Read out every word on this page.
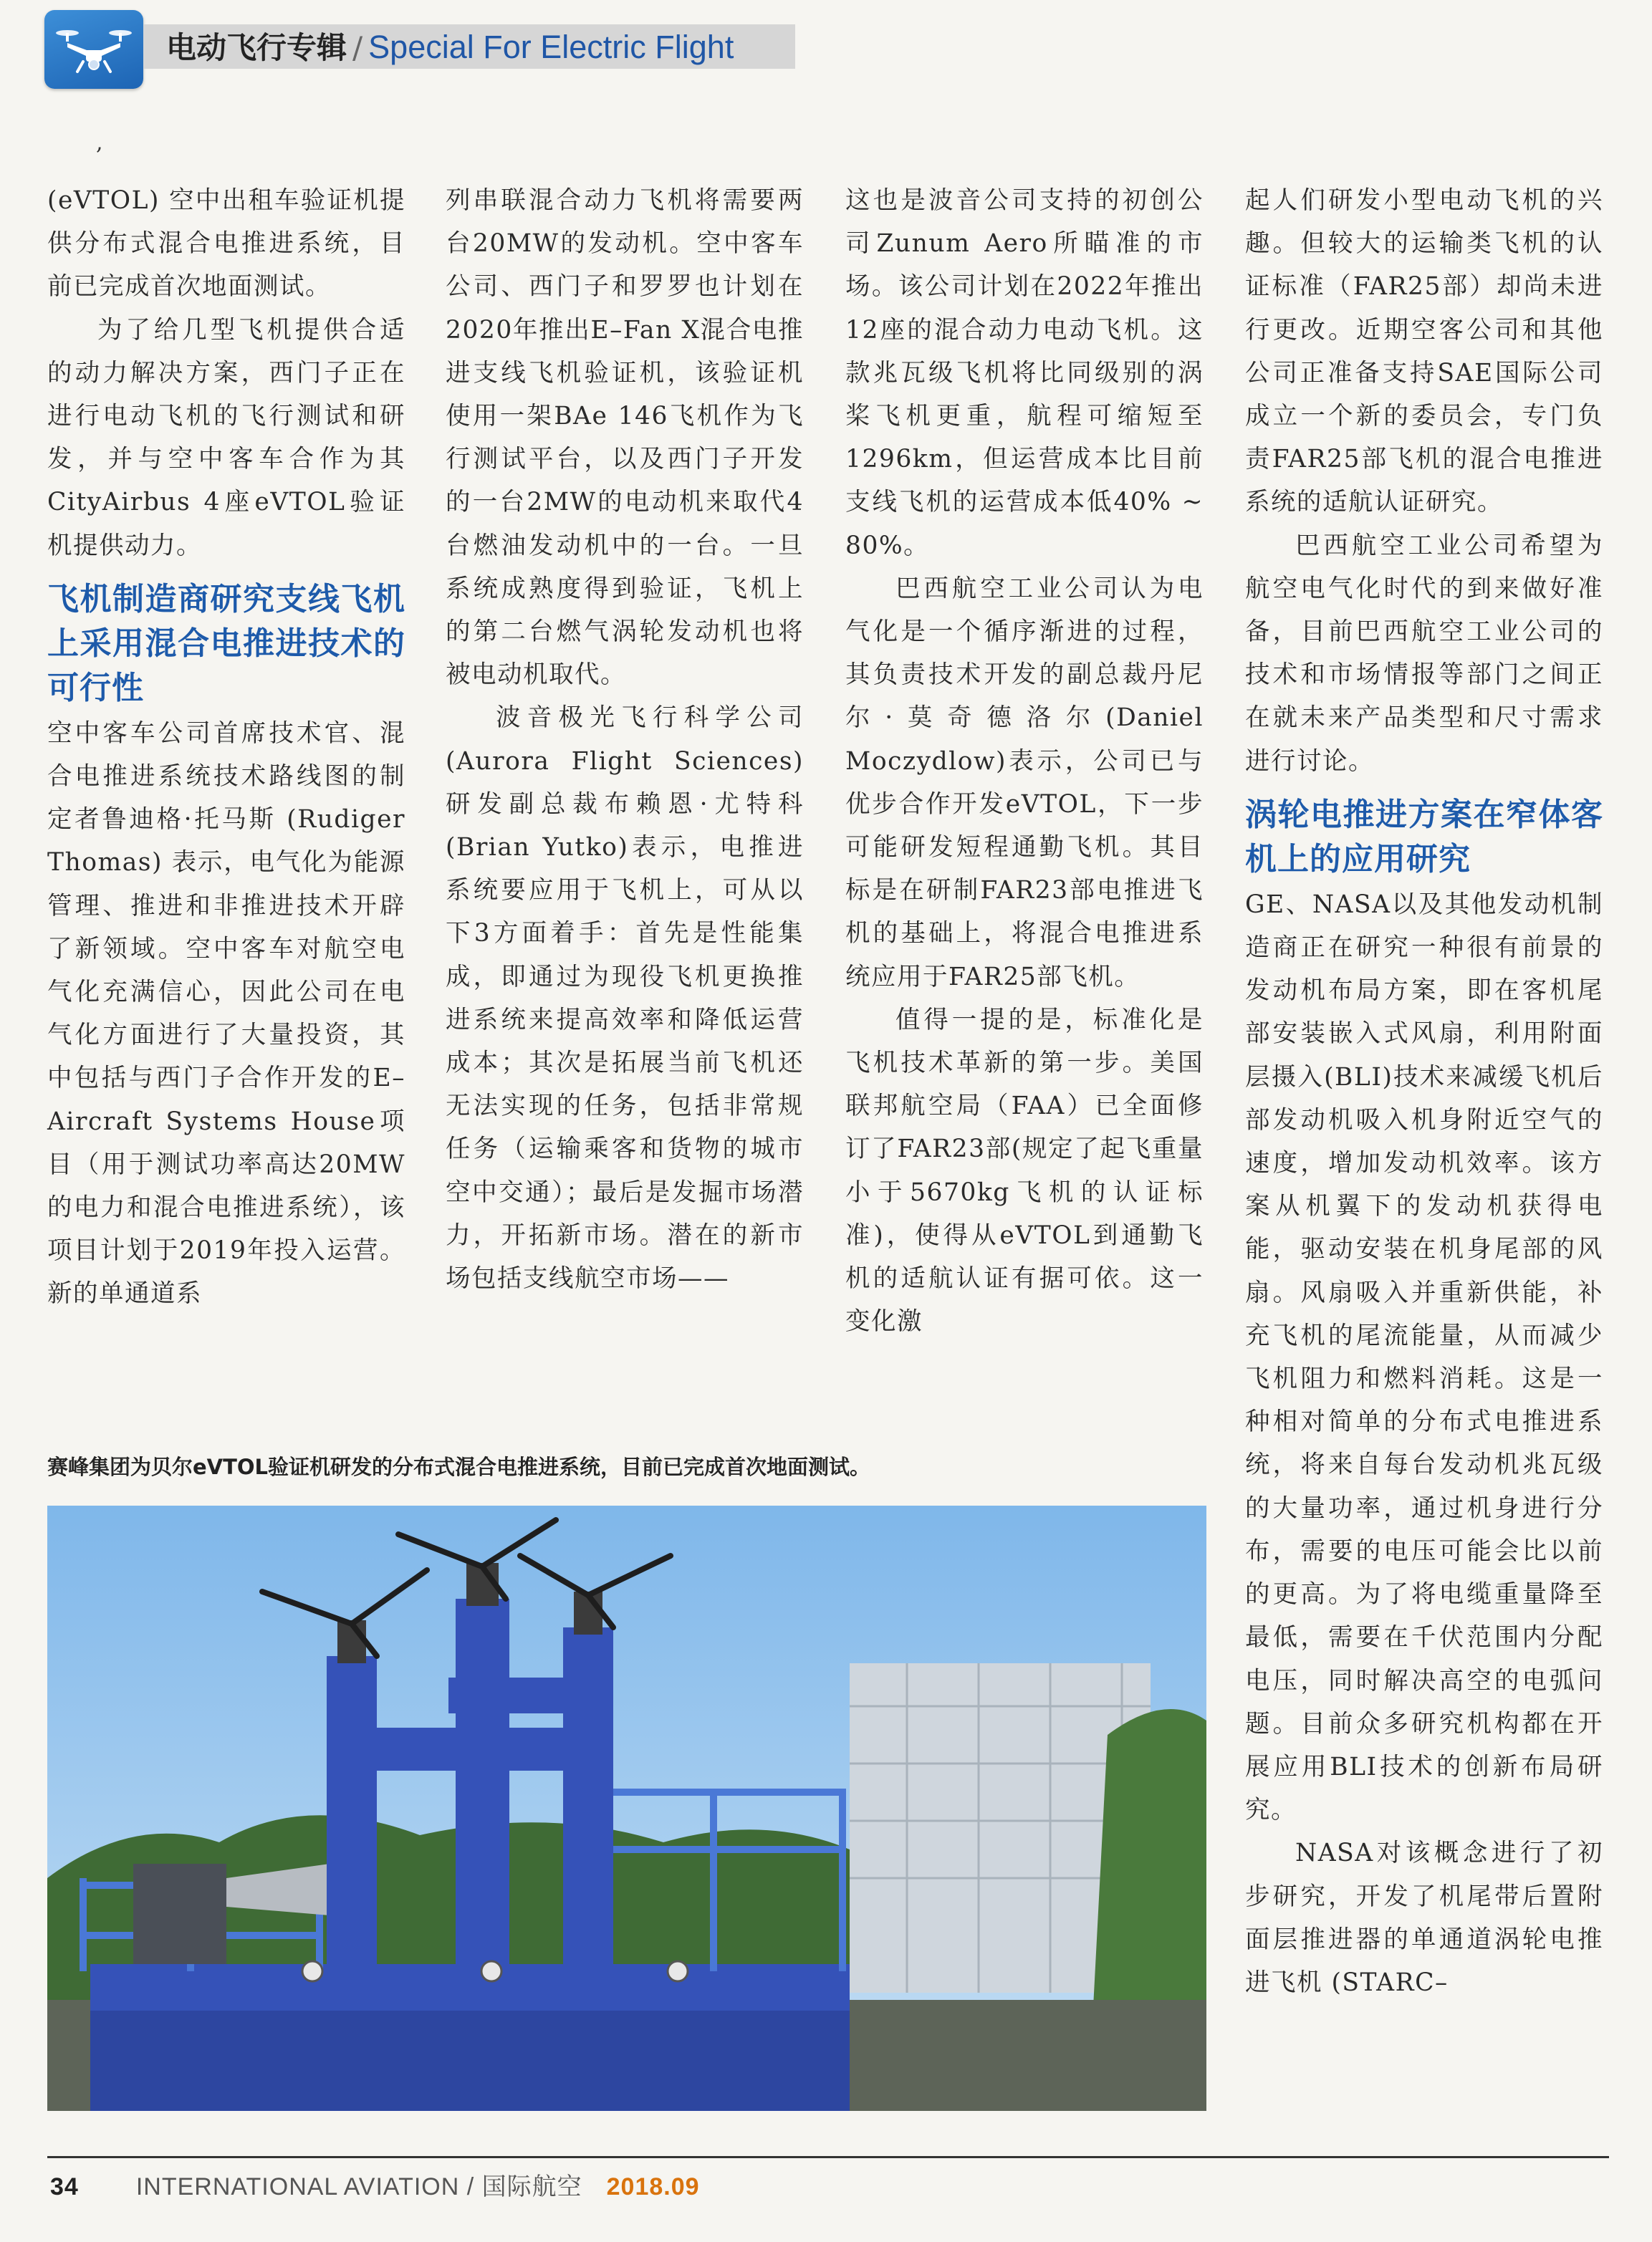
电动飞行专辑 / Special For Electric Flight
,

(eVTOL) 空中出租车验证机提供分布式混合电推进系统，目前已完成首次地面测试。

为了给几型飞机提供合适的动力解决方案，西门子正在进行电动飞机的飞行测试和研发，并与空中客车合作为其CityAirbus 4座eVTOL验证机提供动力。

飞机制造商研究支线飞机上采用混合电推进技术的可行性

空中客车公司首席技术官、混合电推进系统技术路线图的制定者鲁迪格·托马斯 (Rudiger Thomas) 表示，电气化为能源管理、推进和非推进技术开辟了新领域。空中客车对航空电气化充满信心，因此公司在电气化方面进行了大量投资，其中包括与西门子合作开发的E–Aircraft Systems House项目（用于测试功率高达20MW的电力和混合电推进系统），该项目计划于2019年投入运营。新的单通道系

列串联混合动力飞机将需要两台20MW的发动机。空中客车公司、西门子和罗罗也计划在2020年推出E–Fan X混合电推进支线飞机验证机，该验证机使用一架BAe 146飞机作为飞行测试平台，以及西门子开发的一台2MW的电动机来取代4台燃油发动机中的一台。一旦系统成熟度得到验证，飞机上的第二台燃气涡轮发动机也将被电动机取代。

波音极光飞行科学公司(Aurora Flight Sciences)研发副总裁布赖恩·尤特科(Brian Yutko)表示，电推进系统要应用于飞机上，可从以下3方面着手：首先是性能集成，即通过为现役飞机更换推进系统来提高效率和降低运营成本；其次是拓展当前飞机还无法实现的任务，包括非常规任务（运输乘客和货物的城市空中交通）；最后是发掘市场潜力，开拓新市场。潜在的新市场包括支线航空市场——

这也是波音公司支持的初创公司Zunum Aero所瞄准的市场。该公司计划在2022年推出12座的混合动力电动飞机。这款兆瓦级飞机将比同级别的涡桨飞机更重，航程可缩短至1296km，但运营成本比目前支线飞机的运营成本低40% ~ 80%。

巴西航空工业公司认为电气化是一个循序渐进的过程，其负责技术开发的副总裁丹尼尔·莫奇德洛尔(Daniel Moczydlow)表示，公司已与优步合作开发eVTOL，下一步可能研发短程通勤飞机。其目标是在研制FAR23部电推进飞机的基础上，将混合电推进系统应用于FAR25部飞机。

值得一提的是，标准化是飞机技术革新的第一步。美国联邦航空局（FAA）已全面修订了FAR23部(规定了起飞重量小于5670kg飞机的认证标准)，使得从eVTOL到通勤飞机的适航认证有据可依。这一变化激

起人们研发小型电动飞机的兴趣。但较大的运输类飞机的认证标准（FAR25部）却尚未进行更改。近期空客公司和其他公司正准备支持SAE国际公司成立一个新的委员会，专门负责FAR25部飞机的混合电推进系统的适航认证研究。

巴西航空工业公司希望为航空电气化时代的到来做好准备，目前巴西航空工业公司的技术和市场情报等部门之间正在就未来产品类型和尺寸需求进行讨论。

涡轮电推进方案在窄体客机上的应用研究

GE、NASA以及其他发动机制造商正在研究一种很有前景的发动机布局方案，即在客机尾部安装嵌入式风扇，利用附面层摄入(BLI)技术来减缓飞机后部发动机吸入机身附近空气的速度，增加发动机效率。该方案从机翼下的发动机获得电能，驱动安装在机身尾部的风扇。风扇吸入并重新供能，补充飞机的尾流能量，从而减少飞机阻力和燃料消耗。这是一种相对简单的分布式电推进系统，将来自每台发动机兆瓦级的大量功率，通过机身进行分布，需要的电压可能会比以前的更高。为了将电缆重量降至最低，需要在千伏范围内分配电压，同时解决高空的电弧问题。目前众多研究机构都在开展应用BLI技术的创新布局研究。

NASA对该概念进行了初步研究，开发了机尾带后置附面层推进器的单通道涡轮电推进飞机 (STARC–

赛峰集团为贝尔eVTOL验证机研发的分布式混合电推进系统，目前已完成首次地面测试。
34 INTERNATIONAL AVIATION / 国际航空 2018.09
